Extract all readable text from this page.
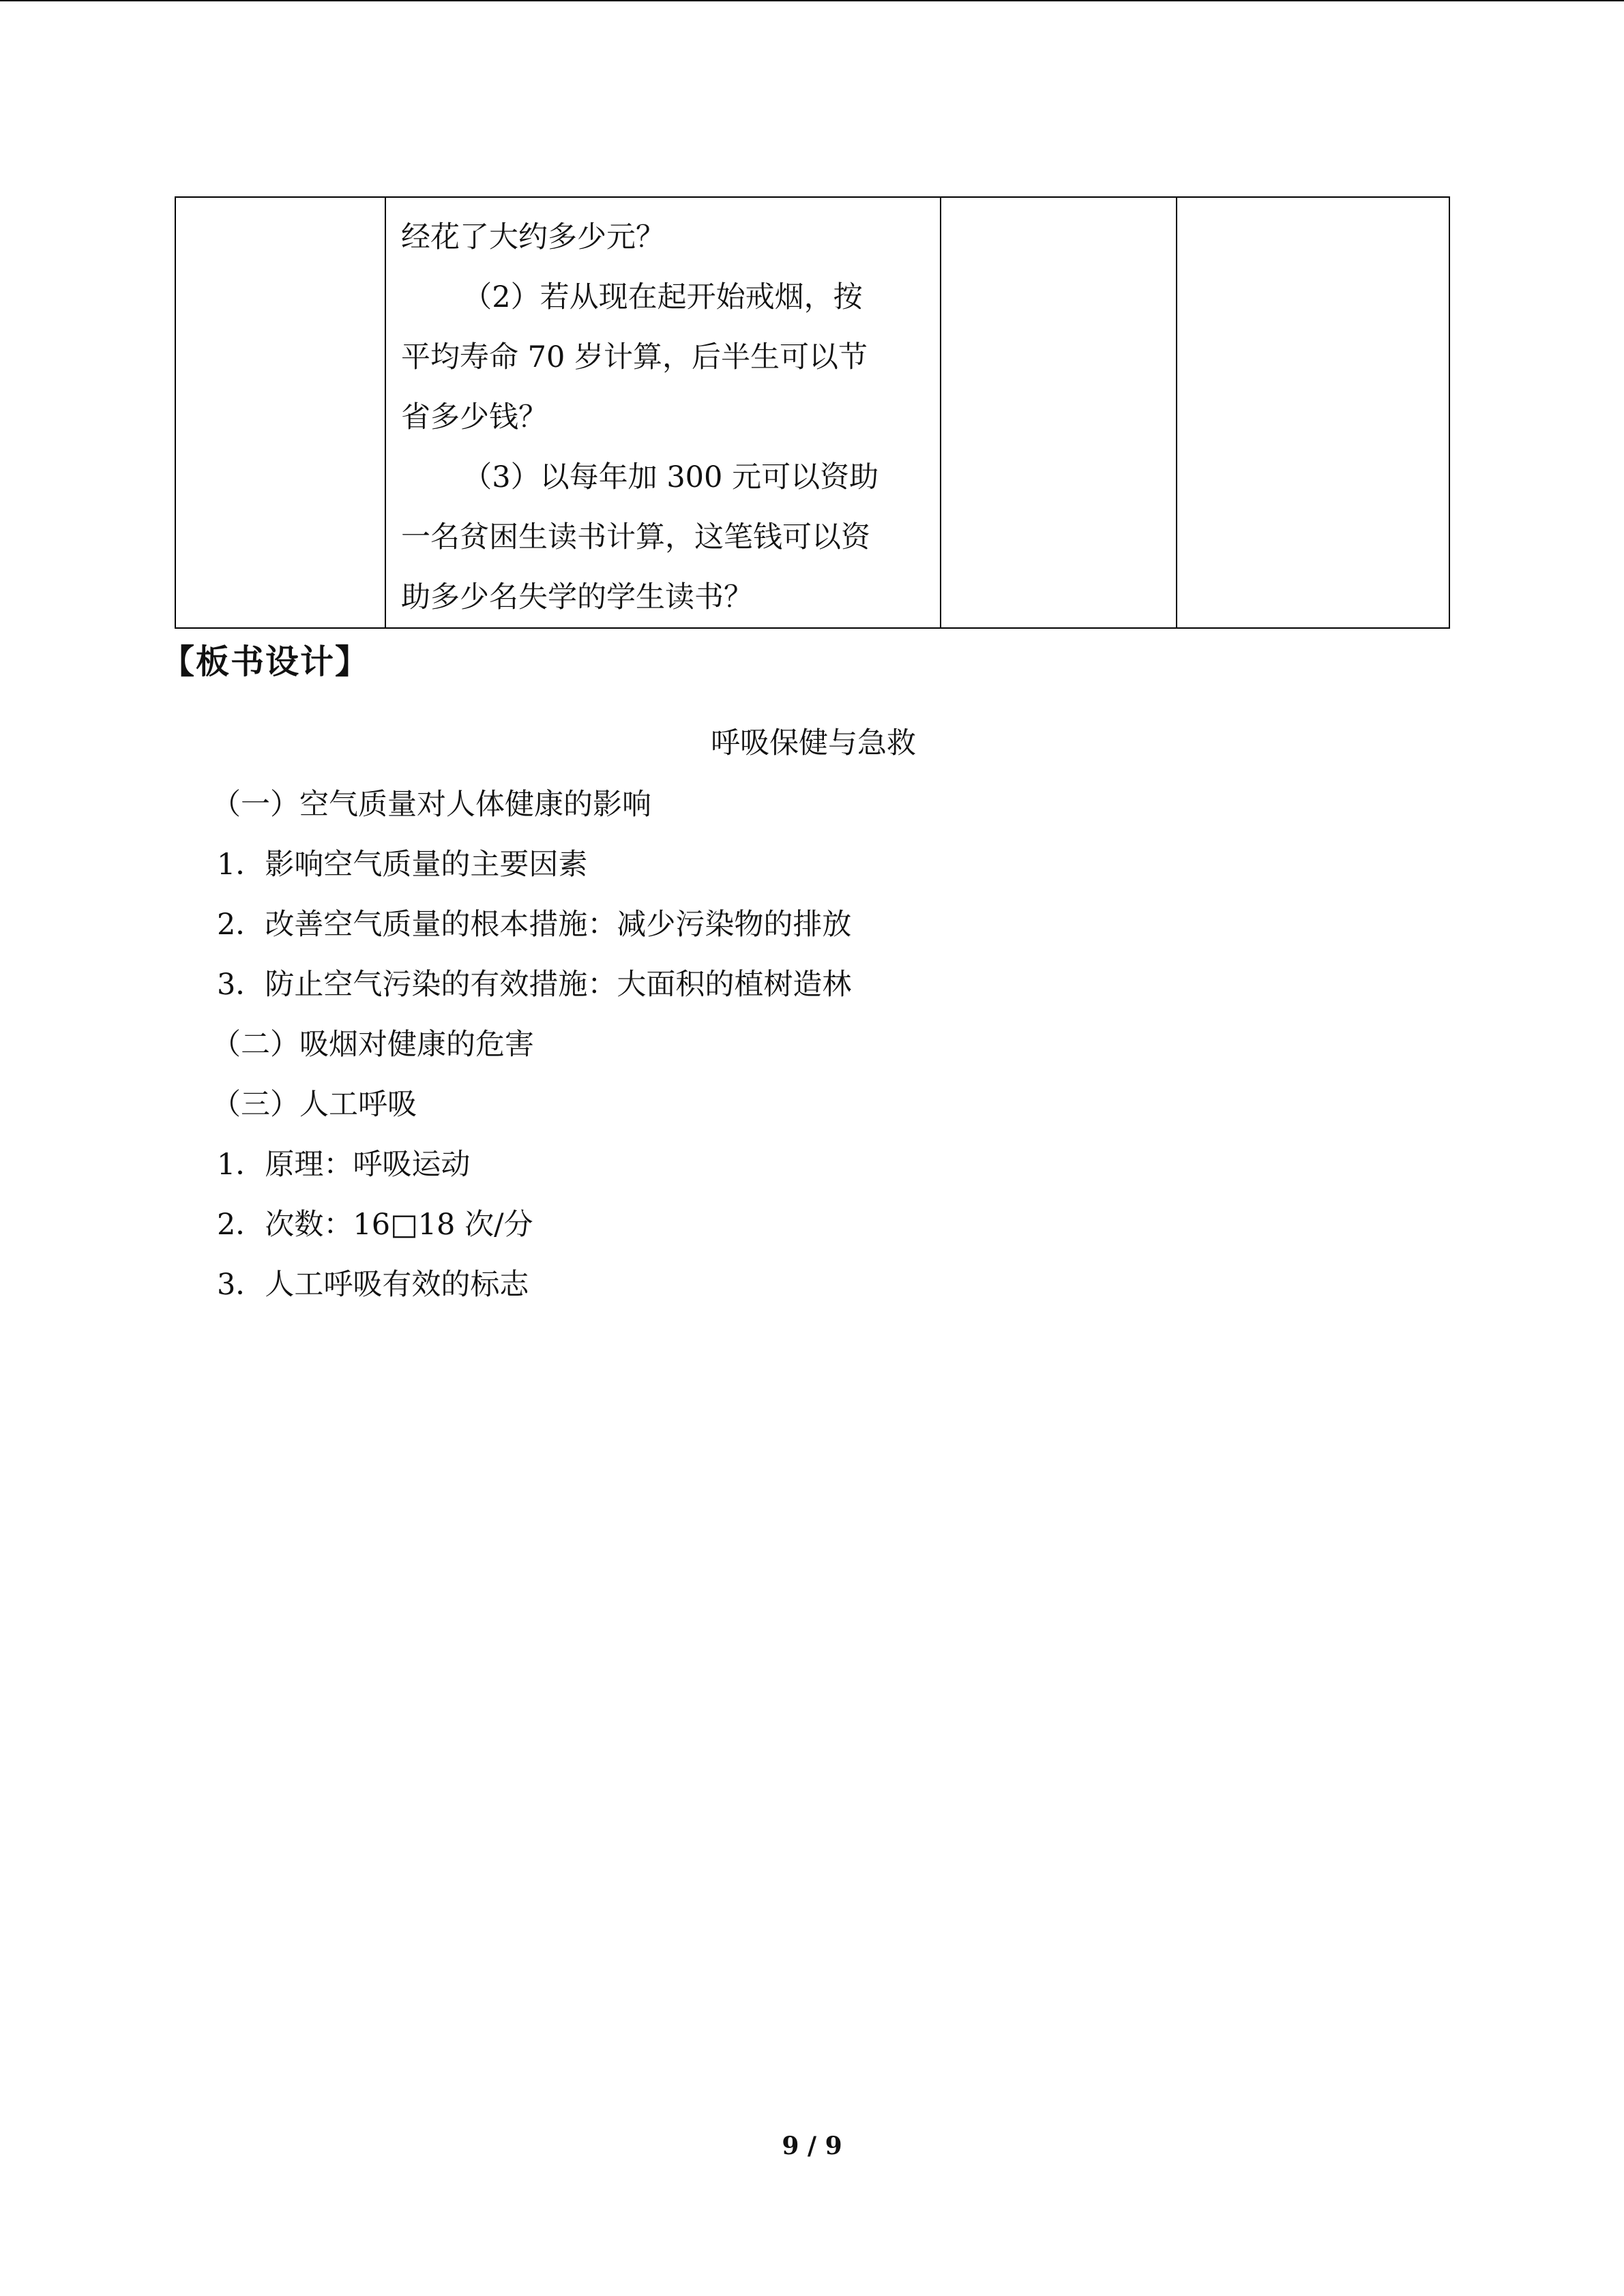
经花了大约多少元？

（2）若从现在起开始戒烟，按

平均寿命 70 岁计算，后半生可以节

省多少钱？

（3）以每年加 300 元可以资助

一名贫困生读书计算，这笔钱可以资

助多少名失学的学生读书？

【板书设计】
呼吸保健与急救
（一）空气质量对人体健康的影响
1．影响空气质量的主要因素
2．改善空气质量的根本措施：减少污染物的排放
3．防止空气污染的有效措施：大面积的植树造林
（二）吸烟对健康的危害
（三）人工呼吸
1．原理：呼吸运动
2．次数：16□18 次/分
3．人工呼吸有效的标志
9 / 9
